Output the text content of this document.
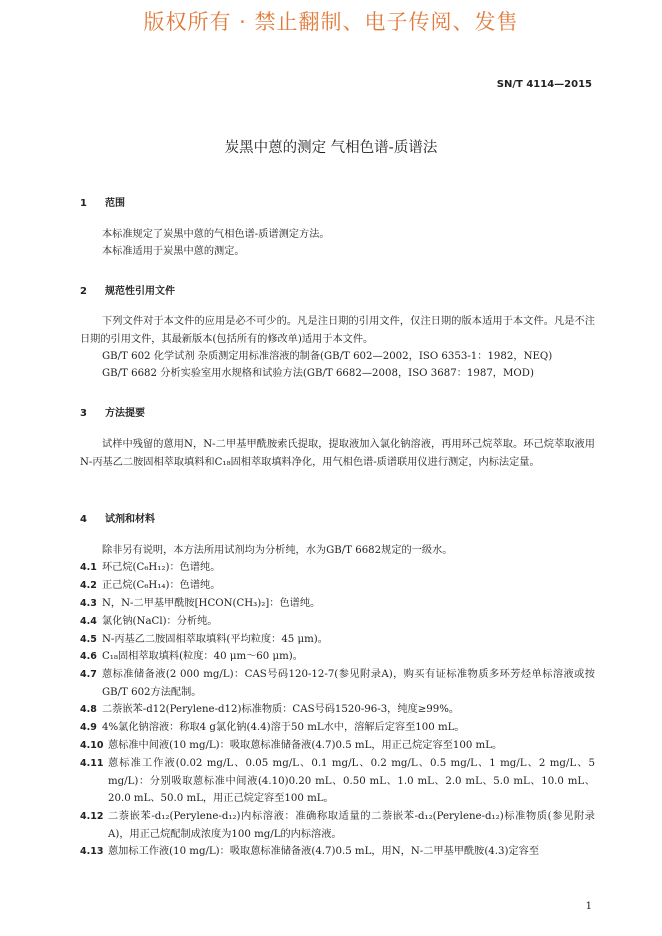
版权所有 · 禁止翻制、电子传阅、发售
SN/T 4114—2015
炭黑中蒽的测定 气相色谱-质谱法
1 范围
本标准规定了炭黑中蒽的气相色谱-质谱测定方法。
本标准适用于炭黑中蒽的测定。
2 规范性引用文件
下列文件对于本文件的应用是必不可少的。凡是注日期的引用文件，仅注日期的版本适用于本文件。凡是不注日期的引用文件，其最新版本(包括所有的修改单)适用于本文件。
GB/T 602 化学试剂 杂质测定用标准溶液的制备(GB/T 602—2002，ISO 6353-1：1982，NEQ)
GB/T 6682 分析实验室用水规格和试验方法(GB/T 6682—2008，ISO 3687：1987，MOD)
3 方法提要
试样中残留的蒽用N，N-二甲基甲酰胺索氏提取，提取液加入氯化钠溶液，再用环己烷萃取。环己烷萃取液用N-丙基乙二胺固相萃取填料和C₁₈固相萃取填料净化，用气相色谱-质谱联用仪进行测定，内标法定量。
4 试剂和材料
除非另有说明，本方法所用试剂均为分析纯，水为GB/T 6682规定的一级水。
4.1 环己烷(C₆H₁₂)：色谱纯。
4.2 正己烷(C₆H₁₄)：色谱纯。
4.3 N，N-二甲基甲酰胺[HCON(CH₃)₂]：色谱纯。
4.4 氯化钠(NaCl)：分析纯。
4.5 N-丙基乙二胺固相萃取填料(平均粒度：45 μm)。
4.6 C₁₈固相萃取填料(粒度：40 μm～60 μm)。
4.7 蒽标准储备液(2 000 mg/L)：CAS号码120-12-7(参见附录A)，购买有证标准物质多环芳烃单标溶液或按GB/T 602方法配制。
4.8 二萘嵌苯-d12(Perylene-d12)标准物质：CAS号码1520-96-3，纯度≥99%。
4.9 4%氯化钠溶液：称取4 g氯化钠(4.4)溶于50 mL水中，溶解后定容至100 mL。
4.10 蒽标准中间液(10 mg/L)：吸取蒽标准储备液(4.7)0.5 mL，用正己烷定容至100 mL。
4.11 蒽标准工作液(0.02 mg/L、0.05 mg/L、0.1 mg/L、0.2 mg/L、0.5 mg/L、1 mg/L、2 mg/L、5 mg/L)：分别吸取蒽标准中间液(4.10)0.20 mL、0.50 mL、1.0 mL、2.0 mL、5.0 mL、10.0 mL、20.0 mL、50.0 mL，用正己烷定容至100 mL。
4.12 二萘嵌苯-d₁₂(Perylene-d₁₂)内标溶液：准确称取适量的二萘嵌苯-d₁₂(Perylene-d₁₂)标准物质(参见附录A)，用正己烷配制成浓度为100 mg/L的内标溶液。
4.13 蒽加标工作液(10 mg/L)：吸取蒽标准储备液(4.7)0.5 mL，用N，N-二甲基甲酰胺(4.3)定容至
1
